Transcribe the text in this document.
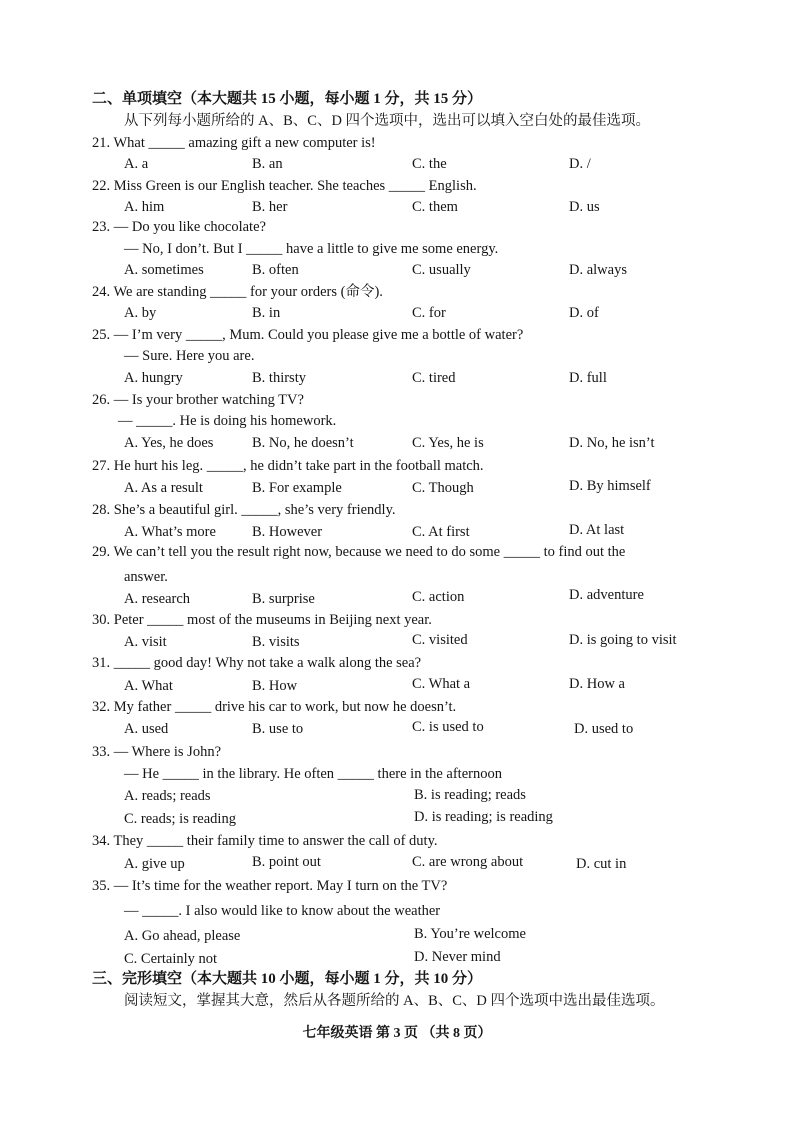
二、单项填空（本大题共 15 小题，每小题 1 分，共 15 分）
从下列每小题所给的 A、B、C、D 四个选项中，选出可以填入空白处的最佳选项。
21. What _____ amazing gift a new computer is!
A. a	B. an	C. the	D. /
22. Miss Green is our English teacher. She teaches _____ English.
A. him	B. her	C. them	D. us
23. — Do you like chocolate?
— No, I don’t. But I _____ have a little to give me some energy.
A. sometimes	B. often	C. usually	D. always
24. We are standing _____ for your orders (命令).
A. by	B. in	C. for	D. of
25. — I’m very _____, Mum. Could you please give me a bottle of water?
— Sure. Here you are.
A. hungry	B. thirsty	C. tired	D. full
26. — Is your brother watching TV?
— _____. He is doing his homework.
A. Yes, he does	B. No, he doesn’t	C. Yes, he is	D. No, he isn’t
27. He hurt his leg. _____, he didn’t take part in the football match.
A. As a result	B. For example	C. Though	D. By himself
28. She’s a beautiful girl. _____, she’s very friendly.
A. What’s more B. However	C. At first	D. At last
29. We can’t tell you the result right now, because we need to do some _____ to find out the
answer.
A. research	B. surprise	C. action	D. adventure
30. Peter _____ most of the museums in Beijing next year.
A. visit	B. visits	C. visited	D. is going to visit
31. _____ good day! Why not take a walk along the sea?
A. What	B. How	C. What a	D. How a
32. My father _____ drive his car to work, but now he doesn’t.
A. used	B. use to	C. is used to	D. used to
33. — Where is John?
— He _____ in the library. He often _____ there in the afternoon
A. reads; reads	B. is reading; reads
C. reads; is reading	D. is reading; is reading
34. They _____ their family time to answer the call of duty.
A. give up	B. point out	C. are wrong about	D. cut in
35. — It’s time for the weather report. May I turn on the TV?
— _____. I also would like to know about the weather
A. Go ahead, please	B. You’re welcome
C. Certainly not	D. Never mind
三、完形填空（本大题共 10 小题，每小题 1 分，共 10 分）
阅读短文，掌握其大意，然后从各题所给的 A、B、C、D 四个选项中选出最佳选项。
七年级英语 第 3 页 （共 8 页）
